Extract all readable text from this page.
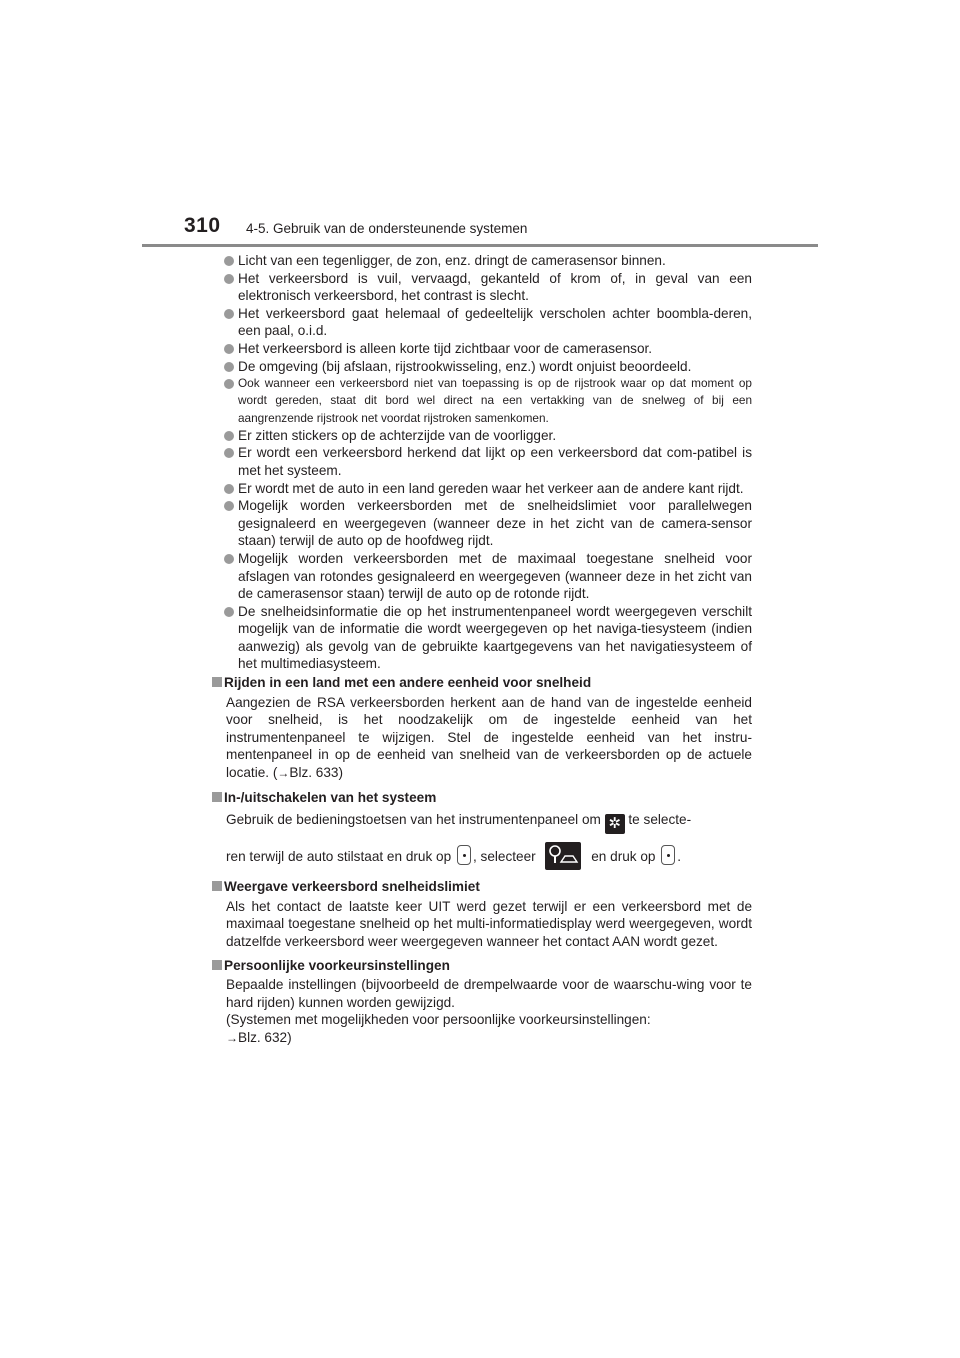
310 4-5. Gebruik van de ondersteunende systemen
Licht van een tegenligger, de zon, enz. dringt de camerasensor binnen.
Het verkeersbord is vuil, vervaagd, gekanteld of krom of, in geval van een elektronisch verkeersbord, het contrast is slecht.
Het verkeersbord gaat helemaal of gedeeltelijk verscholen achter boombla-deren, een paal, o.i.d.
Het verkeersbord is alleen korte tijd zichtbaar voor de camerasensor.
De omgeving (bij afslaan, rijstrookwisseling, enz.) wordt onjuist beoordeeld.
Ook wanneer een verkeersbord niet van toepassing is op de rijstrook waar op dat moment op wordt gereden, staat dit bord wel direct na een vertakking van de snelweg of bij een aangrenzende rijstrook net voordat rijstroken samenkomen.
Er zitten stickers op de achterzijde van de voorligger.
Er wordt een verkeersbord herkend dat lijkt op een verkeersbord dat com-patibel is met het systeem.
Er wordt met de auto in een land gereden waar het verkeer aan de andere kant rijdt.
Mogelijk worden verkeersborden met de snelheidslimiet voor parallelwegen gesignaleerd en weergegeven (wanneer deze in het zicht van de camera-sensor staan) terwijl de auto op de hoofdweg rijdt.
Mogelijk worden verkeersborden met de maximaal toegestane snelheid voor afslagen van rotondes gesignaleerd en weergegeven (wanneer deze in het zicht van de camerasensor staan) terwijl de auto op de rotonde rijdt.
De snelheidsinformatie die op het instrumentenpaneel wordt weergegeven verschilt mogelijk van de informatie die wordt weergegeven op het naviga-tiesysteem (indien aanwezig) als gevolg van de gebruikte kaartgegevens van het navigatiesysteem of het multimediasysteem.
Rijden in een land met een andere eenheid voor snelheid

Aangezien de RSA verkeersborden herkent aan de hand van de ingestelde eenheid voor snelheid, is het noodzakelijk om de ingestelde eenheid van het instrumentenpaneel te wijzigen. Stel de ingestelde eenheid van het instru-mentenpaneel in op de eenheid van snelheid van de verkeersborden op de actuele locatie. (→Blz. 633)

In-/uitschakelen van het systeem
Gebruik de bedieningstoetsen van het instrumentenpaneel om ✲ te selecte-
ren terwijl de auto stilstaat en druk op , selecteer	en druk op .
Weergave verkeersbord snelheidslimiet

Als het contact de laatste keer UIT werd gezet terwijl er een verkeersbord met de maximaal toegestane snelheid op het multi-informatiedisplay werd weergegeven, wordt datzelfde verkeersbord weer weergegeven wanneer het contact AAN wordt gezet.

Persoonlijke voorkeursinstellingen

Bepaalde instellingen (bijvoorbeeld de drempelwaarde voor de waarschu-wing voor te hard rijden) kunnen worden gewijzigd.

(Systemen met mogelijkheden voor persoonlijke voorkeursinstellingen:

→Blz. 632)
